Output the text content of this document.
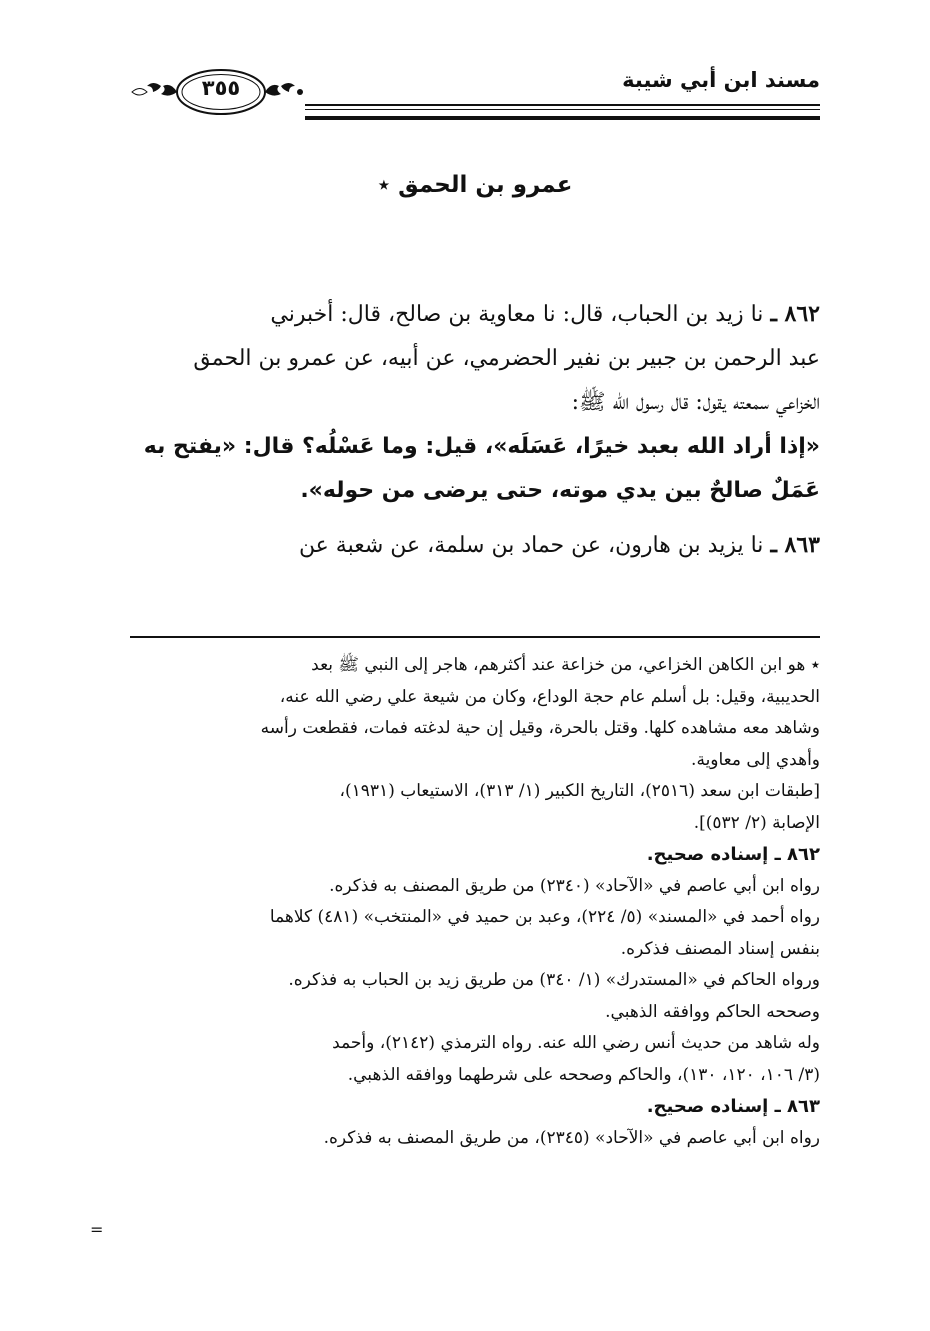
مسند ابن أبي شيبة
٣٥٥
عمرو بن الحمق ٭

٨٦٢ ـ نا زيد بن الحباب، قال: نا معاوية بن صالح، قال: أخبرني

عبد الرحمن بن جبير بن نفير الحضرمي، عن أبيه، عن عمرو بن الحمق

الخزاعي سمعته يقول: قال رسول الله ﷺ:

«إذا أراد الله بعبد خيرًا، عَسَلَه»، قيل: وما عَسْلُه؟ قال: «يفتح به

عَمَلٌ صالحٌ بين يدي موته، حتى يرضى من حوله».

٨٦٣ ـ نا يزيد بن هارون، عن حماد بن سلمة، عن شعبة عن

٭ هو ابن الكاهن الخزاعي، من خزاعة عند أكثرهم، هاجر إلى النبي ﷺ بعد

الحديبية، وقيل: بل أسلم عام حجة الوداع، وكان من شيعة علي رضي الله عنه،

وشاهد معه مشاهده كلها. وقتل بالحرة، وقيل إن حية لدغته فمات، فقطعت رأسه

وأهدي إلى معاوية.

[طبقات ابن سعد (٢٥١٦)، التاريخ الكبير (١/ ٣١٣)، الاستيعاب (١٩٣١)،

الإصابة (٢/ ٥٣٢)].

٨٦٢ ـ إسناده صحيح.

رواه ابن أبي عاصم في «الآحاد» (٢٣٤٠) من طريق المصنف به فذكره.

رواه أحمد في «المسند» (٥/ ٢٢٤)، وعبد بن حميد في «المنتخب» (٤٨١) كلاهما

بنفس إسناد المصنف فذكره.

ورواه الحاكم في «المستدرك» (١/ ٣٤٠) من طريق زيد بن الحباب به فذكره.

وصححه الحاكم ووافقه الذهبي.

وله شاهد من حديث أنس رضي الله عنه. رواه الترمذي (٢١٤٢)، وأحمد

(٣/ ١٠٦، ١٢٠، ١٣٠)، والحاكم وصححه على شرطهما ووافقه الذهبي.

٨٦٣ ـ إسناده صحيح.

رواه ابن أبي عاصم في «الآحاد» (٢٣٤٥)، من طريق المصنف به فذكره.

=
